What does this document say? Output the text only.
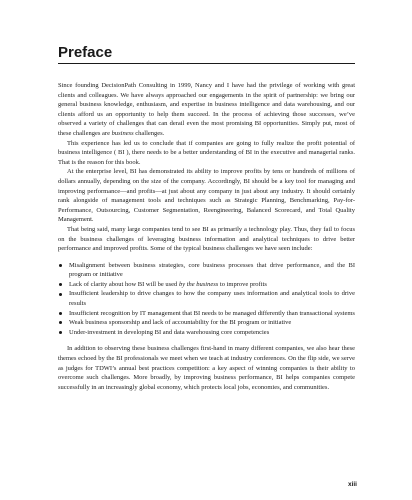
Preface

Since founding DecisionPath Consulting in 1999, Nancy and I have had the privilege of working with great clients and colleagues. We have always approached our engagements in the spirit of partnership: we bring our general business knowledge, enthusiasm, and expertise in business intelligence and data warehousing, and our clients afford us an opportunity to help them succeed. In the process of achieving those successes, we’ve observed a variety of challenges that can derail even the most promising BI opportunities. Simply put, most of these challenges are business challenges.

This experience has led us to conclude that if companies are going to fully realize the profit potential of business intelligence ( BI ), there needs to be a better understanding of BI in the executive and managerial ranks. That is the reason for this book.

At the enterprise level, BI has demonstrated its ability to improve profits by tens or hundreds of millions of dollars annually, depending on the size of the company. Accordingly, BI should be a key tool for managing and improving performance—and profits—at just about any company in just about any industry. It should certainly rank alongside of management tools and techniques such as Strategic Planning, Benchmarking, Pay-for-Performance, Outsourcing, Customer Segmentation, Reengineering, Balanced Scorecard, and Total Quality Management.

That being said, many large companies tend to see BI as primarily a technology play. Thus, they fail to focus on the business challenges of leveraging business information and analytical techniques to drive better performance and improved profits. Some of the typical business challenges we have seen include:

Misalignment between business strategies, core business processes that drive performance, and the BI program or initiative
Lack of clarity about how BI will be used by the business to improve profits
Insufficient leadership to drive changes to how the company uses information and analytical tools to drive results
Insufficient recognition by IT management that BI needs to be managed differently than transactional systems
Weak business sponsorship and lack of accountability for the BI program or initiative
Under-investment in developing BI and data warehousing core competencies

In addition to observing these business challenges first-hand in many different companies, we also hear these themes echoed by the BI professionals we meet when we teach at industry conferences. On the flip side, we serve as judges for TDWI’s annual best practices competition: a key aspect of winning companies is their ability to overcome such challenges. More broadly, by improving business performance, BI helps companies compete successfully in an increasingly global economy, which protects local jobs, economies, and communities.

xiii
